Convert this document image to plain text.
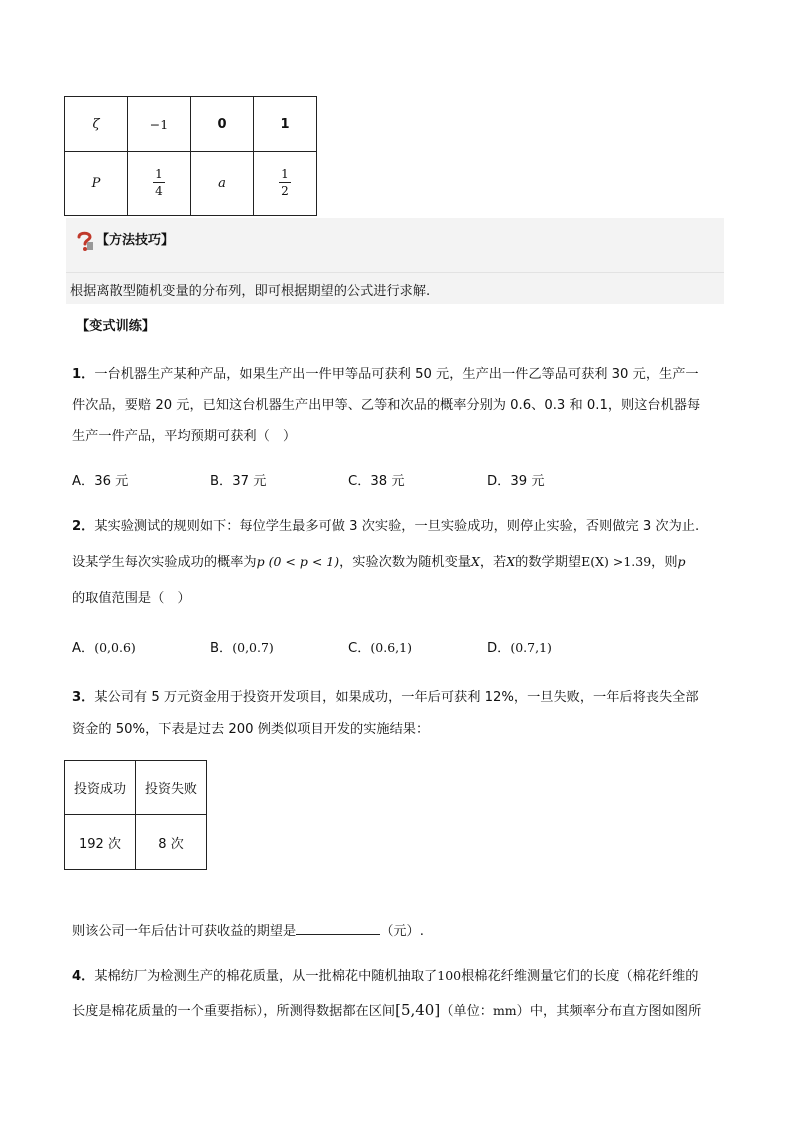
ζ	−1	0	1
P	$\frac{1}{4}$	a	$\frac{1}{2}$
【方法技巧】
根据离散型随机变量的分布列，即可根据期望的公式进行求解.
【变式训练】
1．一台机器生产某种产品，如果生产出一件甲等品可获利 50 元，生产出一件乙等品可获利 30 元，生产一
件次品，要赔 20 元，已知这台机器生产出甲等、乙等和次品的概率分别为 0.6、0.3 和 0.1，则这台机器每
生产一件产品，平均预期可获利（　）
A．36 元	B．37 元	C．38 元	D．39 元
2．某实验测试的规则如下：每位学生最多可做 3 次实验，一旦实验成功，则停止实验，否则做完 3 次为止.
设某学生每次实验成功的概率为p (0 < p < 1)，实验次数为随机变量X，若X的数学期望E(X) >1.39，则p
的取值范围是（　）
A．(0,0.6)	B．(0,0.7)	C．(0.6,1)	D．(0.7,1)
3．某公司有 5 万元资金用于投资开发项目，如果成功，一年后可获利 12%，一旦失败，一年后将丧失全部
资金的 50%，下表是过去 200 例类似项目开发的实施结果：
投资成功	投资失败
192 次	8 次
则该公司一年后估计可获收益的期望是	（元）.
4．某棉纺厂为检测生产的棉花质量，从一批棉花中随机抽取了100根棉花纤维测量它们的长度（棉花纤维的
长度是棉花质量的一个重要指标），所测得数据都在区间[5,40]（单位：mm）中，其频率分布直方图如图所
